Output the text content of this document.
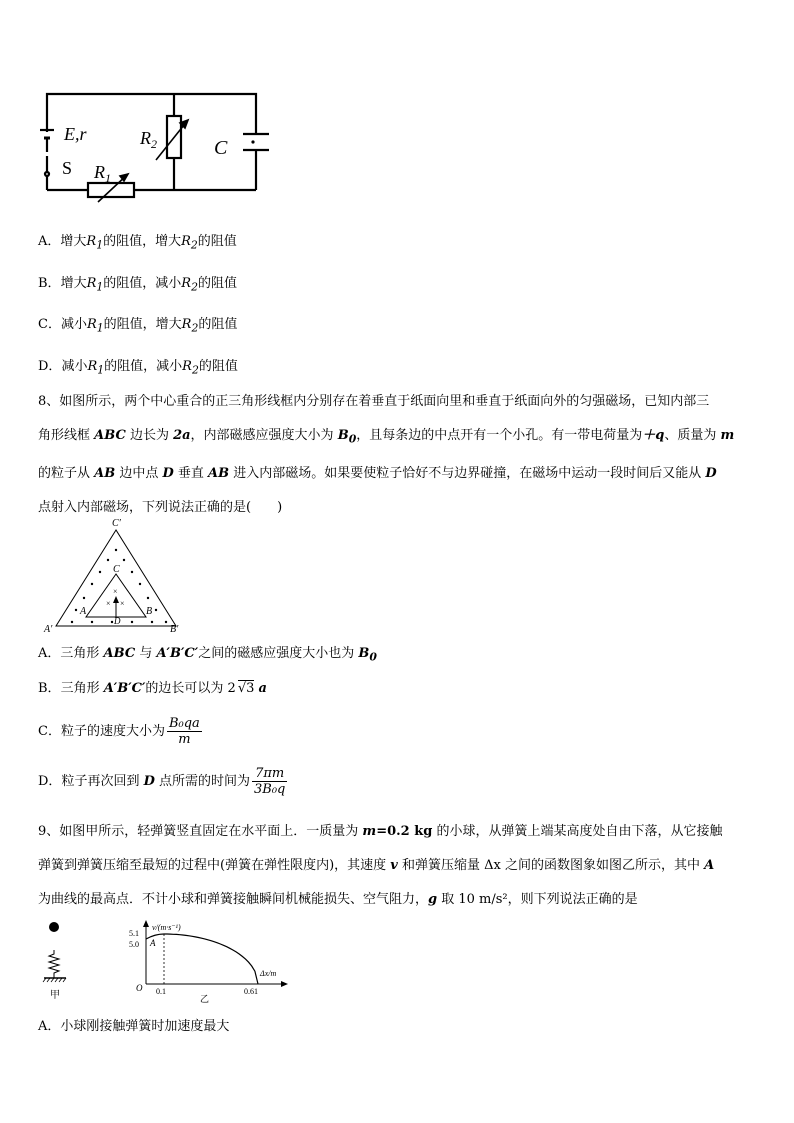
E,r	$R_2$
$R_1$
C
S
A．增大$R_1$的阻值，增大$R_2$的阻值
B．增大$R_1$的阻值，减小$R_2$的阻值
C．减小$R_1$的阻值，增大$R_2$的阻值
D．减小$R_1$的阻值，减小$R_2$的阻值
8、如图所示，两个中心重合的正三角形线框内分别存在着垂直于纸面向里和垂直于纸面向外的匀强磁场，已知内部三
角形线框 ABC 边长为 2a，内部磁感应强度大小为 $B_0$，且每条边的中点开有一个小孔。有一带电荷量为＋q、质量为 m
的粒子从 AB 边中点 D 垂直 AB 进入内部磁场。如果要使粒子恰好不与边界碰撞，在磁场中运动一段时间后又能从 D
点射入内部磁场，下列说法正确的是(　　)
× ×
×
C′
A′	B′
C
A	B
D
A．三角形 ABC 与 A′B′C′之间的磁感应强度大小也为 $B_0$
B．三角形 A′B′C′的边长可以为 2 √3 a
C．粒子的速度大小为 $\frac{\text{B₀qa}}{m}$
D．粒子再次回到 D 点所需的时间为 $\frac{7\pi m}{\text{3B₀q}}$
9、如图甲所示，轻弹簧竖直固定在水平面上．一质量为 m=0.2 kg 的小球，从弹簧上端某高度处自由下落，从它接触
弹簧到弹簧压缩至最短的过程中(弹簧在弹性限度内)，其速度 v 和弹簧压缩量 Δx 之间的函数图象如图乙所示，其中 A
为曲线的最高点．不计小球和弹簧接触瞬间机械能损失、空气阻力，g 取 10 m/s²，则下列说法正确的是
甲
v/(m·s⁻¹)
Δx/m
O
A
5.1
5.0
0.1	0.61
乙
A．小球刚接触弹簧时加速度最大
